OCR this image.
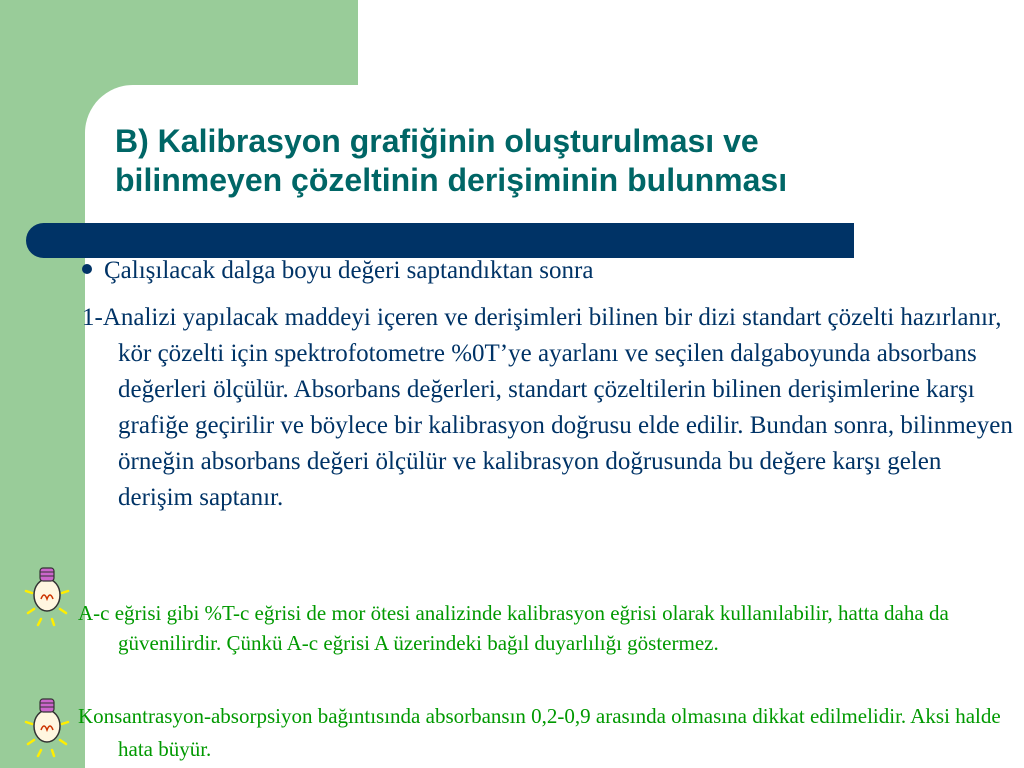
B) Kalibrasyon grafiğinin oluşturulması ve
bilinmeyen çözeltinin derişiminin bulunması
Çalışılacak dalga boyu değeri saptandıktan sonra

1-Analizi yapılacak maddeyi içeren ve derişimleri bilinen bir dizi standart çözelti hazırlanır, kör çözelti için spektrofotometre %0T’ye ayarlanı ve seçilen dalgaboyunda absorbans değerleri ölçülür. Absorbans değerleri, standart çözeltilerin bilinen derişimlerine karşı grafiğe geçirilir ve böylece bir kalibrasyon doğrusu elde edilir. Bundan sonra, bilinmeyen örneğin absorbans değeri ölçülür ve kalibrasyon doğrusunda bu değere karşı gelen derişim saptanır.

A-c eğrisi gibi %T-c eğrisi de mor ötesi analizinde kalibrasyon eğrisi olarak kullanılabilir, hatta daha da güvenilirdir. Çünkü A-c eğrisi A üzerindeki bağıl duyarlılığı göstermez.

Konsantrasyon-absorpsiyon bağıntısında absorbansın 0,2-0,9 arasında olmasına dikkat edilmelidir. Aksi halde hata büyür.
